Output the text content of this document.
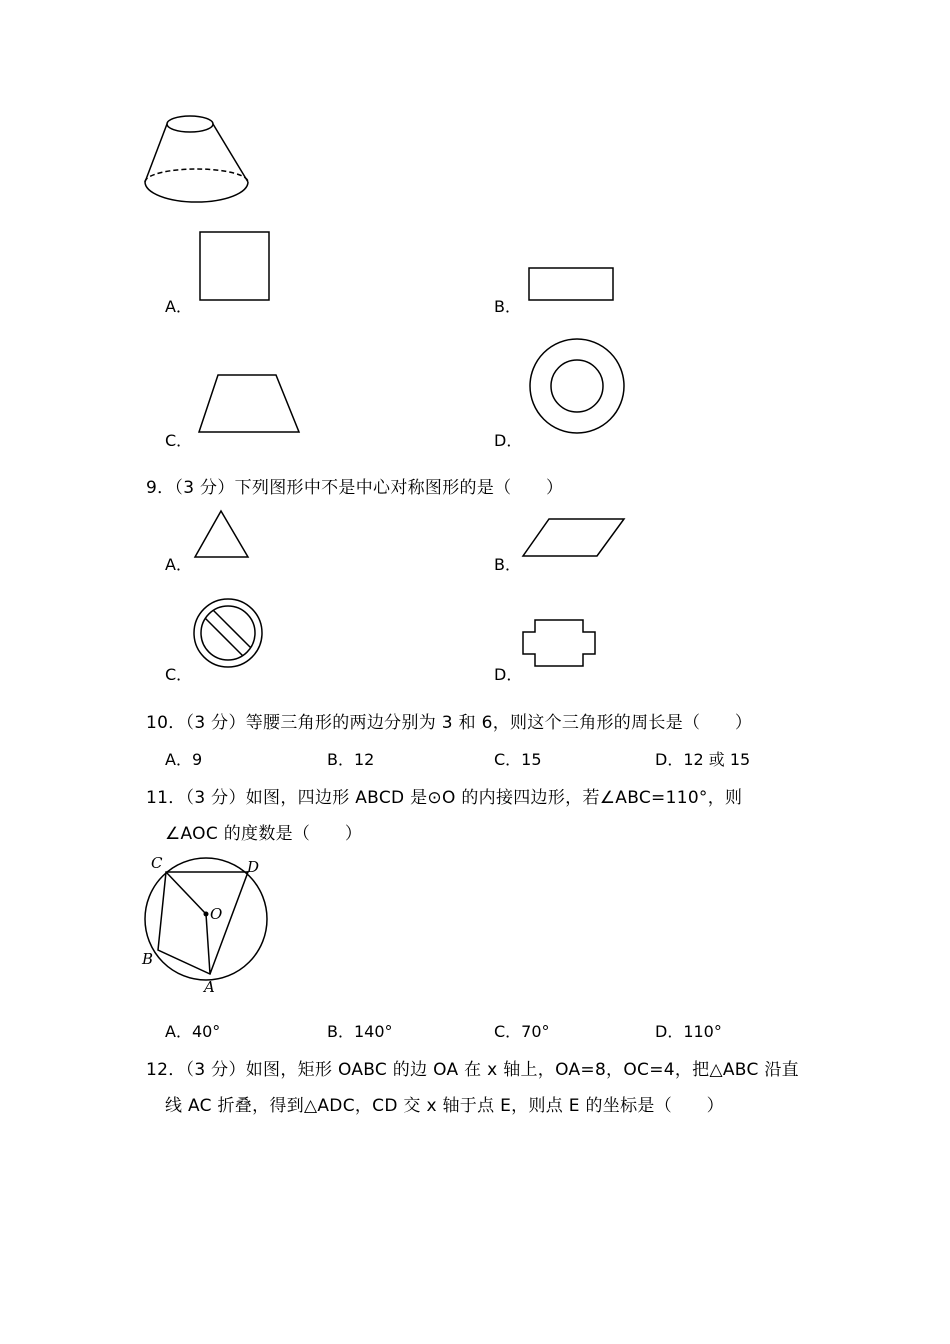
A．	B．
C．	D．
9．（3 分）下列图形中不是中心对称图形的是（　　）
A．	B．
C．	D．
10．（3 分）等腰三角形的两边分别为 3 和 6，则这个三角形的周长是（　　）
A．9	B．12	C．15	D．12 或 15
11．（3 分）如图，四边形 ABCD 是⊙O 的内接四边形，若∠ABC=110°，则
∠AOC 的度数是（　　）
C	D
O
B
A
A．40°	B．140°	C．70°	D．110°
12．（3 分）如图，矩形 OABC 的边 OA 在 x 轴上，OA=8，OC=4，把△ABC 沿直
线 AC 折叠，得到△ADC，CD 交 x 轴于点 E，则点 E 的坐标是（　　）
